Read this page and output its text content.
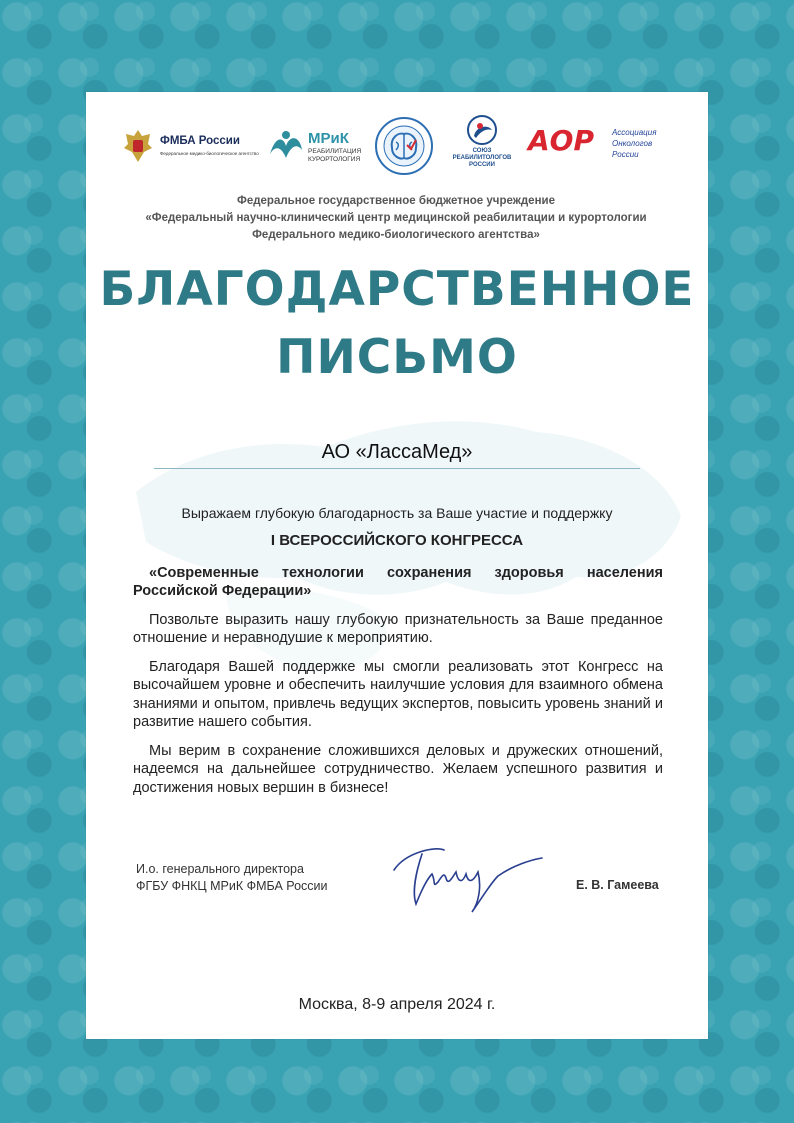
ФМБА России
Федеральное медико-биологическое агентство
МРиК
РЕАБИЛИТАЦИЯ
КУРОРТОЛОГИЯ
СОЮЗ
РЕАБИЛИТОЛОГОВ
РОССИИ
АОР Ассоциация
Онкологов
России
Федеральное государственное бюджетное учреждение
«Федеральный научно-клинический центр медицинской реабилитации и курортологии
Федерального медико-биологического агентства»
БЛАГОДАРСТВЕННОЕ
ПИСЬМО
АО «ЛассаМед»
Выражаем глубокую благодарность за Ваше участие и поддержку
I ВСЕРОССИЙСКОГО КОНГРЕССА
«Современные технологии сохранения здоровья населения Российской Федерации»
Позвольте выразить нашу глубокую признательность за Ваше преданное отношение и неравнодушие к мероприятию.
Благодаря Вашей поддержке мы смогли реализовать этот Конгресс на высочайшем уровне и обеспечить наилучшие условия для взаимного обмена знаниями и опытом, привлечь ведущих экспертов, повысить уровень знаний и развитие нашего события.
Мы верим в сохранение сложившихся деловых и дружеских отношений, надеемся на дальнейшее сотрудничество. Желаем успешного развития и достижения новых вершин в бизнесе!
И.о. генерального директора
ФГБУ ФНКЦ МРиК ФМБА России	Е. В. Гамеева
Москва, 8-9 апреля 2024 г.
